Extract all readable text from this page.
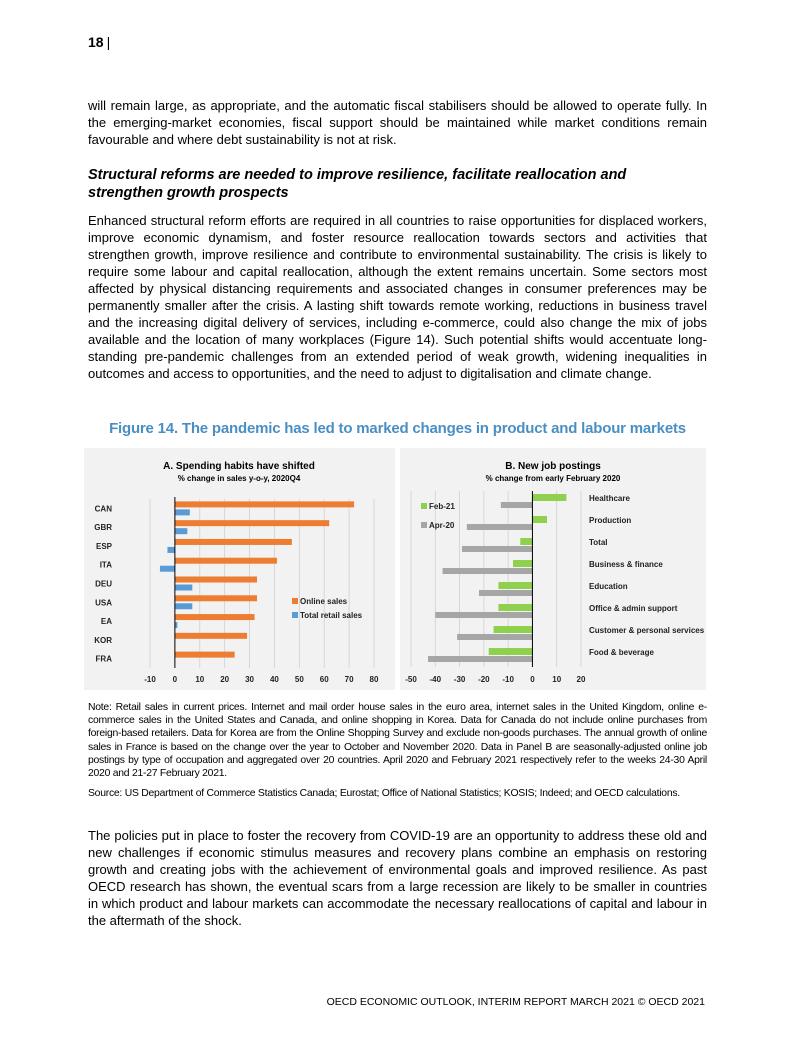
18 |

will remain large, as appropriate, and the automatic fiscal stabilisers should be allowed to operate fully. In the emerging-market economies, fiscal support should be maintained while market conditions remain favourable and where debt sustainability is not at risk.

Structural reforms are needed to improve resilience, facilitate reallocation and strengthen growth prospects

Enhanced structural reform efforts are required in all countries to raise opportunities for displaced workers, improve economic dynamism, and foster resource reallocation towards sectors and activities that strengthen growth, improve resilience and contribute to environmental sustainability. The crisis is likely to require some labour and capital reallocation, although the extent remains uncertain. Some sectors most affected by physical distancing requirements and associated changes in consumer preferences may be permanently smaller after the crisis. A lasting shift towards remote working, reductions in business travel and the increasing digital delivery of services, including e-commerce, could also change the mix of jobs available and the location of many workplaces (Figure 14). Such potential shifts would accentuate long-standing pre-pandemic challenges from an extended period of weak growth, widening inequalities in outcomes and access to opportunities, and the need to adjust to digitalisation and climate change.

Figure 14. The pandemic has led to marked changes in product and labour markets
A. Spending habits have shifted
% change in sales y-o-y, 2020Q4
CAN
GBR
ESP
ITA
DEU
USA
EA
KOR
FRA
-10 0 10 20 30 40 50 60 70 80
Online sales
Total retail sales
B. New job postings
% change from early February 2020
Healthcare
Production
Total
Business & finance
Education
Office & admin support
Customer & personal services
Food & beverage
-50 -40 -30 -20 -10 0 10 20
Feb-21
Apr-20

Note: Retail sales in current prices. Internet and mail order house sales in the euro area, internet sales in the United Kingdom, online e-commerce sales in the United States and Canada, and online shopping in Korea. Data for Canada do not include online purchases from foreign-based retailers. Data for Korea are from the Online Shopping Survey and exclude non-goods purchases. The annual growth of online sales in France is based on the change over the year to October and November 2020. Data in Panel B are seasonally-adjusted online job postings by type of occupation and aggregated over 20 countries. April 2020 and February 2021 respectively refer to the weeks 24-30 April 2020 and 21-27 February 2021.

Source: US Department of Commerce Statistics Canada; Eurostat; Office of National Statistics; KOSIS; Indeed; and OECD calculations.

The policies put in place to foster the recovery from COVID-19 are an opportunity to address these old and new challenges if economic stimulus measures and recovery plans combine an emphasis on restoring growth and creating jobs with the achievement of environmental goals and improved resilience. As past OECD research has shown, the eventual scars from a large recession are likely to be smaller in countries in which product and labour markets can accommodate the necessary reallocations of capital and labour in the aftermath of the shock.

OECD ECONOMIC OUTLOOK, INTERIM REPORT MARCH 2021 © OECD 2021
